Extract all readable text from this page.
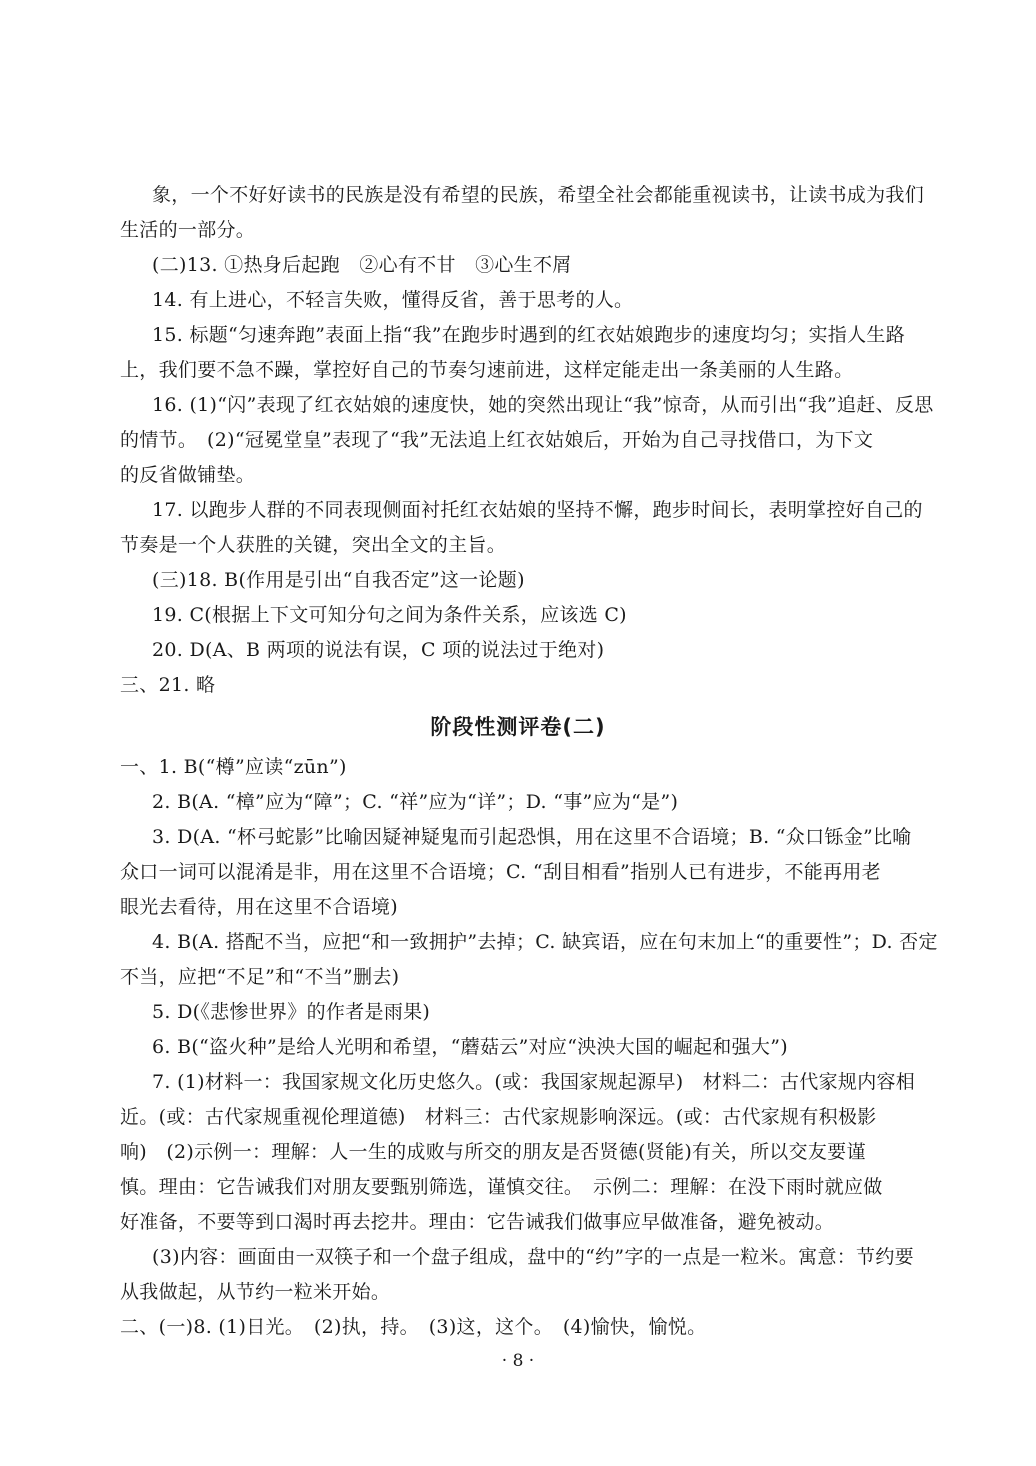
象，一个不好好读书的民族是没有希望的民族，希望全社会都能重视读书，让读书成为我们
生活的一部分。
(二)13. ①热身后起跑　②心有不甘　③心生不屑
14. 有上进心，不轻言失败，懂得反省，善于思考的人。
15. 标题“匀速奔跑”表面上指“我”在跑步时遇到的红衣姑娘跑步的速度均匀；实指人生路
上，我们要不急不躁，掌控好自己的节奏匀速前进，这样定能走出一条美丽的人生路。
16. (1)“闪”表现了红衣姑娘的速度快，她的突然出现让“我”惊奇，从而引出“我”追赶、反思
的情节。　(2)“冠冕堂皇”表现了“我”无法追上红衣姑娘后，开始为自己寻找借口，为下文
的反省做铺垫。
17. 以跑步人群的不同表现侧面衬托红衣姑娘的坚持不懈，跑步时间长，表明掌控好自己的
节奏是一个人获胜的关键，突出全文的主旨。
(三)18. B(作用是引出“自我否定”这一论题)
19. C(根据上下文可知分句之间为条件关系，应该选 C)
20. D(A、B 两项的说法有误，C 项的说法过于绝对)
三、21. 略
阶段性测评卷(二)
一、1. B(“樽”应读“zūn”)
2. B(A. “樟”应为“障”；C. “祥”应为“详”；D. “事”应为“是”)
3. D(A. “杯弓蛇影”比喻因疑神疑鬼而引起恐惧，用在这里不合语境；B. “众口铄金”比喻
众口一词可以混淆是非，用在这里不合语境；C. “刮目相看”指别人已有进步，不能再用老
眼光去看待，用在这里不合语境)
4. B(A. 搭配不当，应把“和一致拥护”去掉；C. 缺宾语，应在句末加上“的重要性”；D. 否定
不当，应把“不足”和“不当”删去)
5. D(《悲惨世界》的作者是雨果)
6. B(“盗火种”是给人光明和希望，“蘑菇云”对应“泱泱大国的崛起和强大”)
7. (1)材料一：我国家规文化历史悠久。(或：我国家规起源早)　材料二：古代家规内容相
近。(或：古代家规重视伦理道德)　材料三：古代家规影响深远。(或：古代家规有积极影
响)　(2)示例一：理解：人一生的成败与所交的朋友是否贤德(贤能)有关，所以交友要谨
慎。理由：它告诫我们对朋友要甄别筛选，谨慎交往。　示例二：理解：在没下雨时就应做
好准备，不要等到口渴时再去挖井。理由：它告诫我们做事应早做准备，避免被动。
(3)内容：画面由一双筷子和一个盘子组成，盘中的“约”字的一点是一粒米。寓意：节约要
从我做起，从节约一粒米开始。
二、(一)8. (1)日光。　(2)执，持。　(3)这，这个。　(4)愉快，愉悦。
· 8 ·
